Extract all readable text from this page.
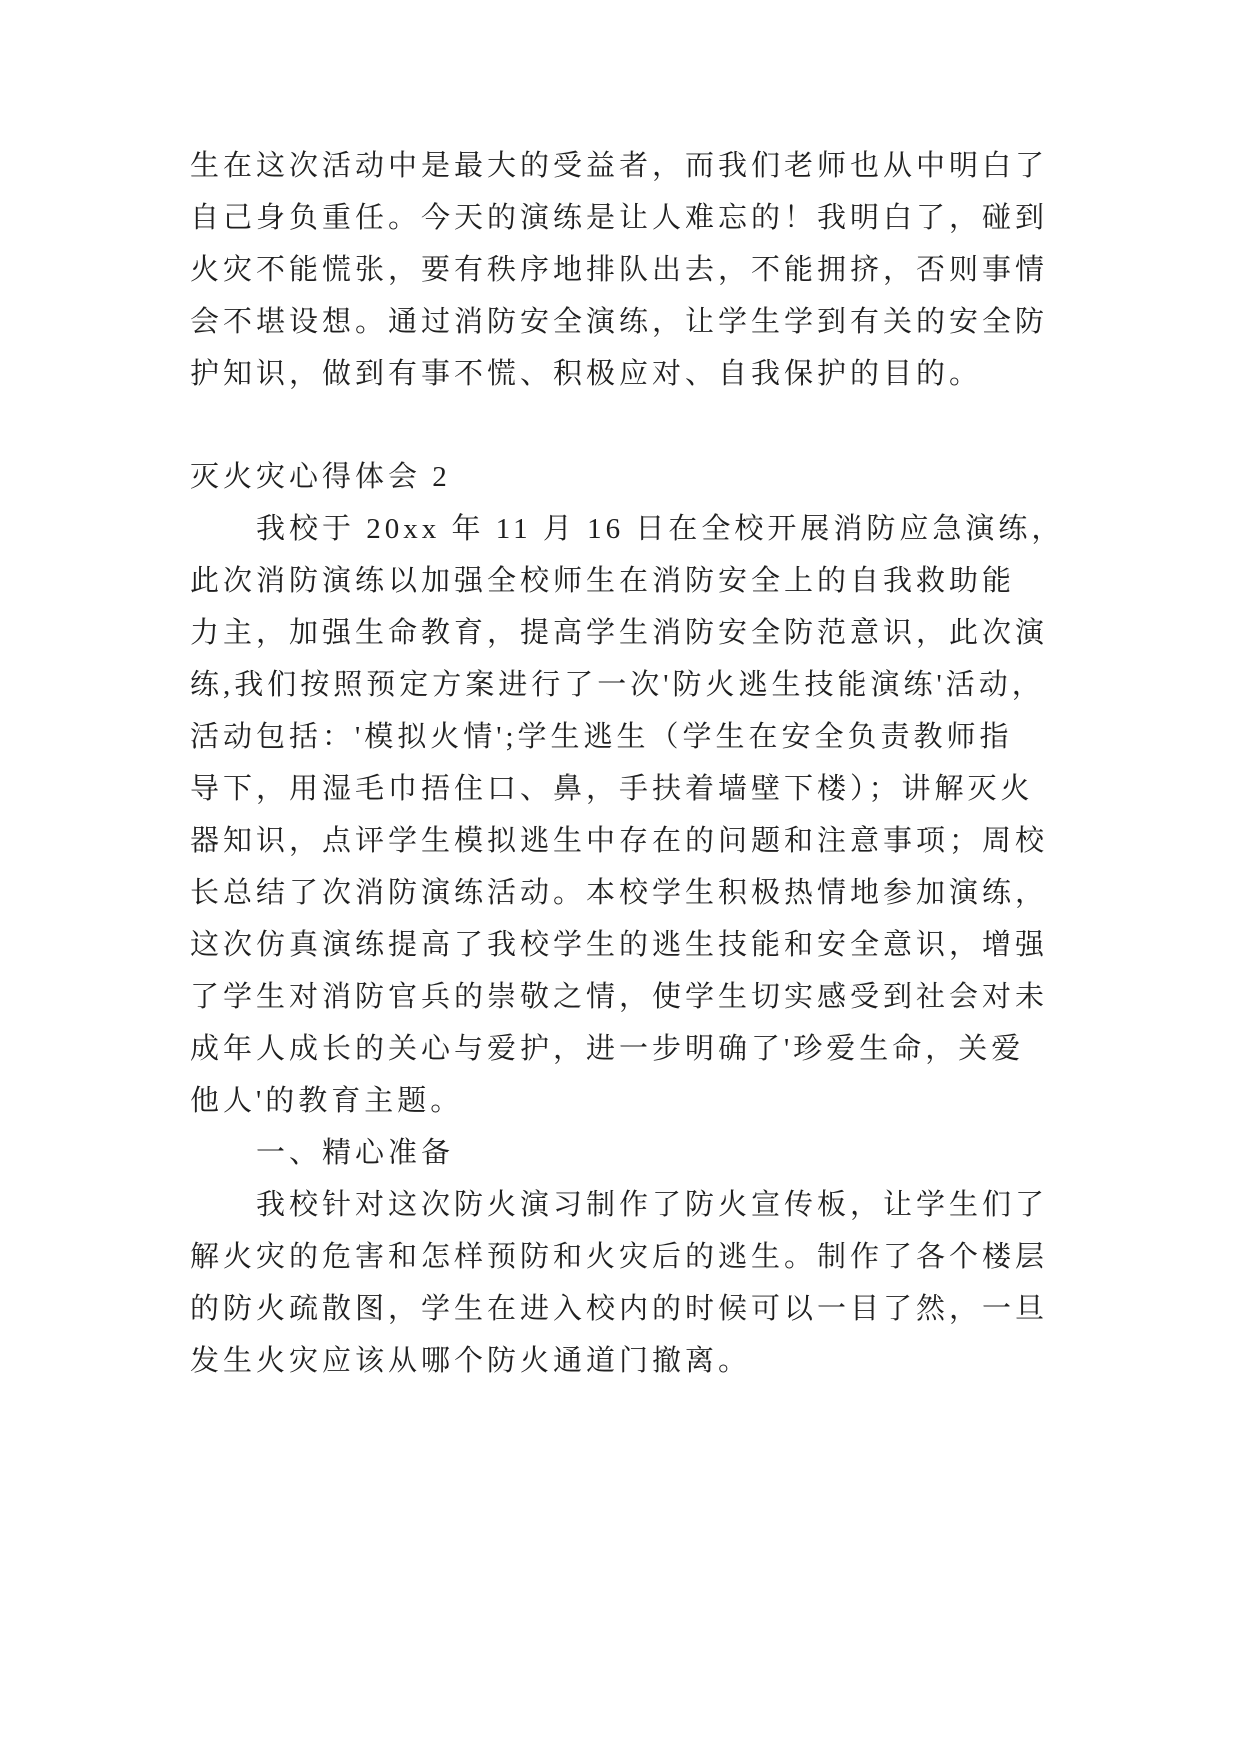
生在这次活动中是最大的受益者，而我们老师也从中明白了
自己身负重任。今天的演练是让人难忘的！我明白了，碰到
火灾不能慌张，要有秩序地排队出去，不能拥挤，否则事情
会不堪设想。通过消防安全演练，让学生学到有关的安全防
护知识，做到有事不慌、积极应对、自我保护的目的。
灭火灾心得体会 2
我校于 20xx 年 11 月 16 日在全校开展消防应急演练，
此次消防演练以加强全校师生在消防安全上的自我救助能
力主，加强生命教育，提高学生消防安全防范意识，此次演
练,我们按照预定方案进行了一次'防火逃生技能演练'活动，
活动包括：'模拟火情';学生逃生（学生在安全负责教师指
导下，用湿毛巾捂住口、鼻，手扶着墙壁下楼）；讲解灭火
器知识，点评学生模拟逃生中存在的问题和注意事项；周校
长总结了次消防演练活动。本校学生积极热情地参加演练，
这次仿真演练提高了我校学生的逃生技能和安全意识，增强
了学生对消防官兵的崇敬之情，使学生切实感受到社会对未
成年人成长的关心与爱护，进一步明确了'珍爱生命，关爱
他人'的教育主题。
一、精心准备
我校针对这次防火演习制作了防火宣传板，让学生们了
解火灾的危害和怎样预防和火灾后的逃生。制作了各个楼层
的防火疏散图，学生在进入校内的时候可以一目了然，一旦
发生火灾应该从哪个防火通道门撤离。
